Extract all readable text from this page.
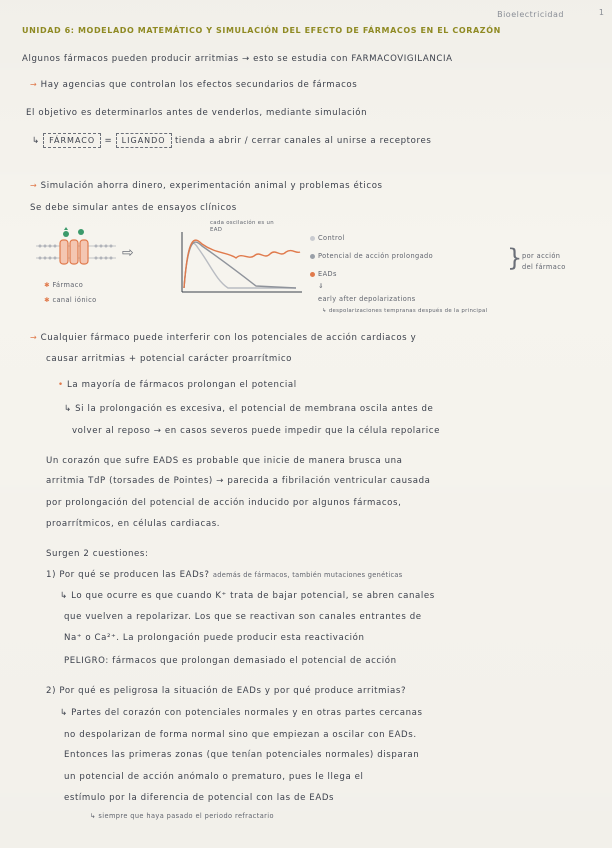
Bioelectricidad	1
UNIDAD 6: MODELADO MATEMÁTICO Y SIMULACIÓN DEL EFECTO DE FÁRMACOS EN EL CORAZÓN
Algunos fármacos pueden producir arritmias → esto se estudia con FARMACOVIGILANCIA
→ Hay agencias que controlan los efectos secundarios de fármacos
El objetivo es determinarlos antes de venderlos, mediante simulación
↳ FÁRMACO = LIGANDO tienda a abrir / cerrar canales al unirse a receptores
→ Simulación ahorra dinero, experimentación animal y problemas éticos
Se debe simular antes de ensayos clínicos
⇨
cada oscilación es un EAD
Control
Potencial de acción prolongado
EADs
} por acción
del fármaco
⇓
early after depolarizations
↳ despolarizaciones tempranas después de la principal
✱ Fármaco
✱ canal iónico
→ Cualquier fármaco puede interferir con los potenciales de acción cardiacos y
causar arritmias + potencial carácter proarrítmico
• La mayoría de fármacos prolongan el potencial
↳ Si la prolongación es excesiva, el potencial de membrana oscila antes de
volver al reposo → en casos severos puede impedir que la célula repolarice
Un corazón que sufre EADS es probable que inicie de manera brusca una
arritmia TdP (torsades de Pointes) → parecida a fibrilación ventricular causada
por prolongación del potencial de acción inducido por algunos fármacos,
proarrítmicos, en células cardiacas.
Surgen 2 cuestiones:
1) Por qué se producen las EADs? además de fármacos, también mutaciones genéticas
↳ Lo que ocurre es que cuando K⁺ trata de bajar potencial, se abren canales
que vuelven a repolarizar. Los que se reactivan son canales entrantes de
Na⁺ o Ca²⁺. La prolongación puede producir esta reactivación
PELIGRO: fármacos que prolongan demasiado el potencial de acción
2) Por qué es peligrosa la situación de EADs y por qué produce arritmias?
↳ Partes del corazón con potenciales normales y en otras partes cercanas
no despolarizan de forma normal sino que empiezan a oscilar con EADs.
Entonces las primeras zonas (que tenían potenciales normales) disparan
un potencial de acción anómalo o prematuro, pues le llega el
estímulo por la diferencia de potencial con las de EADs
↳ siempre que haya pasado el periodo refractario
